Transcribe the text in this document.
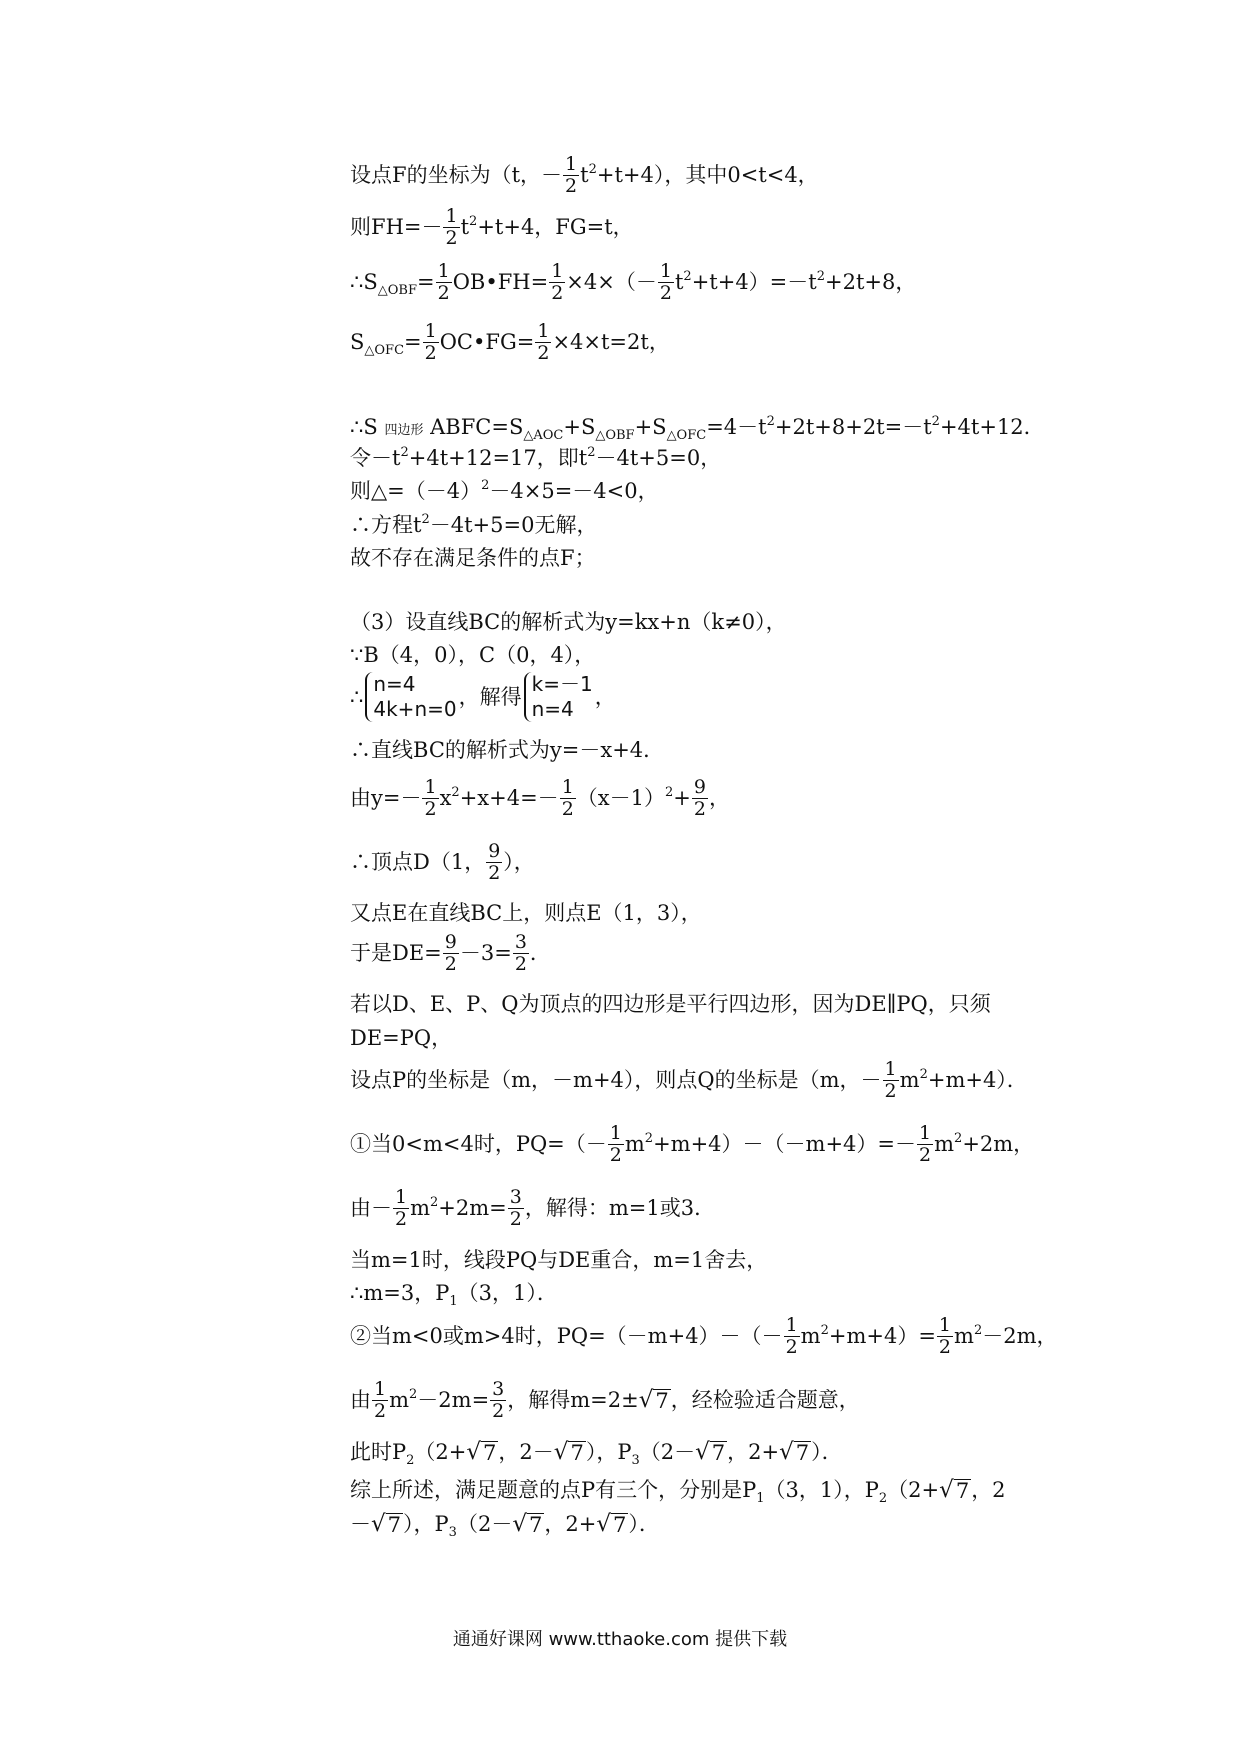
设点F的坐标为（t，－ $\frac{1}{2} t^2+t+4$），其中0<t<4，
则$FH=- \frac{1}{2} t^2+t+4$，FG=t，
$\therefore S_{\triangle OBF}= \frac{1}{2}$ OB•FH= $\frac{1}{2} \times 4\times(- \frac{1}{2} t^2+t+4)=-t^2+2t+8$，
$S_{\triangle OFC}= \frac{1}{2}$ OC•FG= $\frac{1}{2} \times 4\times t=2t$，
∴S 四边形 $ABFC=S_{\triangle AOC}+S_{\triangle OBF}+S_{\triangle OFC}=4-t^2+2t+8+2t=-t^2+4t+12$．
令$-t^2+4t+12=17$，即$t^2-4t+5=0$，
则$\triangle=(-4)^2-4\times 5=-4<0$，
∴方程$t^2-4t+5=0$无解，
故不存在满足条件的点F；
（3）设直线BC的解析式为y=kx+n（k≠0），
∵B（4，0），C（0，4），
∴
n=4
4k+n=0
，解得
k=－1
n=4
，
∴直线BC的解析式为y=－x+4．
由$y=- \frac{1}{2} x^2+x+4=- \frac{1}{2} (x-1)^2+ \frac{9}{2}$ ，
∴顶点D（1， $\frac{9}{2}$ ），
又点E在直线BC上，则点E（1，3），
于是$DE= \frac{9}{2} -3= \frac{3}{2}$ ．
若以D、E、P、Q为顶点的四边形是平行四边形，因为DE∥PQ，只须
DE=PQ，
设点P的坐标是（m，－m+4），则点Q的坐标是（m，－ $\frac{1}{2} m^2+m+4$）．
①当0<m<4时，$PQ=(- \frac{1}{2} m^2+m+4)-(-m+4)=- \frac{1}{2} m^2+2m$，
由－ $\frac{1}{2} m^2+2m= \frac{3}{2}$ ，解得：m=1或3．
当m=1时，线段PQ与DE重合，m=1舍去，
∴m=3，$P_1(3$，1）．
②当m<0或m>4时，$PQ=(-m+4)-(- \frac{1}{2} m^2+m+4)= \frac{1}{2} m^2-2m$，
由 $\frac{1}{2} m^2-2m= \frac{3}{2}$ ，解得m=2± √ 7 ，经检验适合题意，
此时$P_2(2+$ √ 7 ，2－ √ 7 ），$P_3(2-$ √ 7 ，2+ √ 7 ）．
综上所述，满足题意的点P有三个，分别是$P_1(3$，1），$P_2(2+$ √ 7 ，2
－ √ 7 ），$P_3(2-$ √ 7 ，2+ √ 7 ）．
通通好课网 www.tthaoke.com 提供下载
